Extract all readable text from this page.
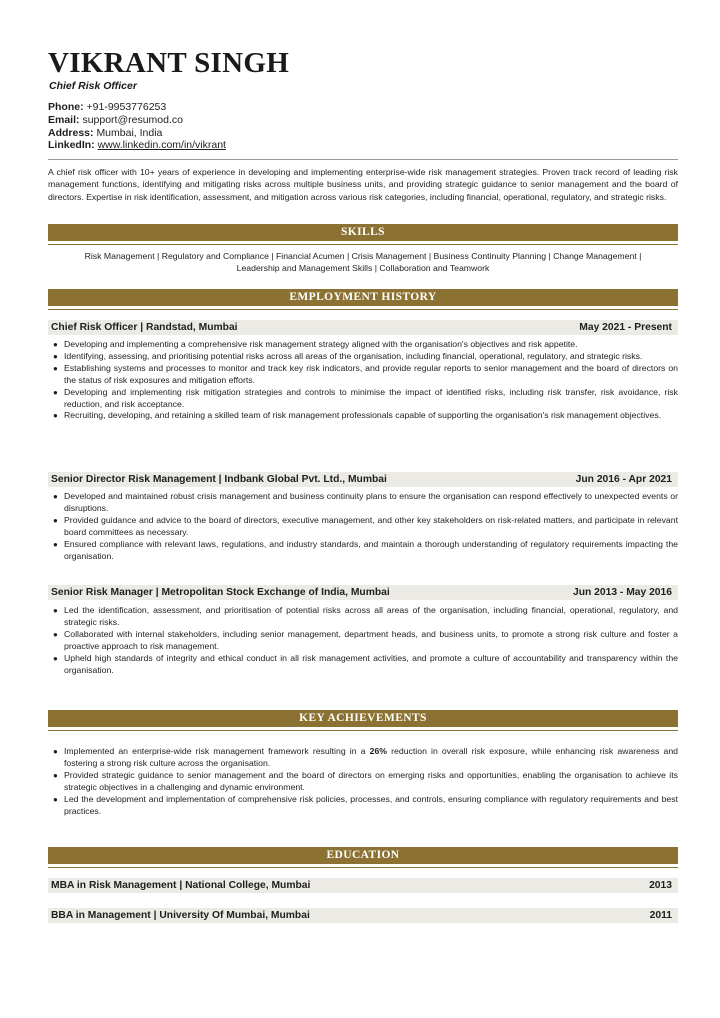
VIKRANT SINGH
Chief Risk Officer
Phone: +91-9953776253
Email: support@resumod.co
Address: Mumbai, India
LinkedIn: www.linkedin.com/in/vikrant

A chief risk officer with 10+ years of experience in developing and implementing enterprise-wide risk management strategies. Proven track record of leading risk management functions, identifying and mitigating risks across multiple business units, and providing strategic guidance to senior management and the board of directors. Expertise in risk identification, assessment, and mitigation across various risk categories, including financial, operational, regulatory, and strategic risks.

SKILLS

Risk Management | Regulatory and Compliance | Financial Acumen | Crisis Management | Business Continuity Planning | Change Management | Leadership and Management Skills | Collaboration and Teamwork

EMPLOYMENT HISTORY
Chief Risk Officer | Randstad, Mumbai	May 2021 - Present
● Developing and implementing a comprehensive risk management strategy aligned with the organisation's objectives and risk appetite.
● Identifying, assessing, and prioritising potential risks across all areas of the organisation, including financial, operational, regulatory, and strategic risks.
● Establishing systems and processes to monitor and track key risk indicators, and provide regular reports to senior management and the board of directors on the status of risk exposures and mitigation efforts.
● Developing and implementing risk mitigation strategies and controls to minimise the impact of identified risks, including risk transfer, risk avoidance, risk reduction, and risk acceptance.
● Recruiting, developing, and retaining a skilled team of risk management professionals capable of supporting the organisation's risk management objectives.
Senior Director Risk Management | Indbank Global Pvt. Ltd., Mumbai	Jun 2016 - Apr 2021
● Developed and maintained robust crisis management and business continuity plans to ensure the organisation can respond effectively to unexpected events or disruptions.
● Provided guidance and advice to the board of directors, executive management, and other key stakeholders on risk-related matters, and participate in relevant board committees as necessary.
● Ensured compliance with relevant laws, regulations, and industry standards, and maintain a thorough understanding of regulatory requirements impacting the organisation.
Senior Risk Manager | Metropolitan Stock Exchange of India, Mumbai	Jun 2013 - May 2016
● Led the identification, assessment, and prioritisation of potential risks across all areas of the organisation, including financial, operational, regulatory, and strategic risks.
● Collaborated with internal stakeholders, including senior management, department heads, and business units, to promote a strong risk culture and foster a proactive approach to risk management.
● Upheld high standards of integrity and ethical conduct in all risk management activities, and promote a culture of accountability and transparency within the organisation.
KEY ACHIEVEMENTS
● Implemented an enterprise-wide risk management framework resulting in a 26% reduction in overall risk exposure, while enhancing risk awareness and fostering a strong risk culture across the organisation.
● Provided strategic guidance to senior management and the board of directors on emerging risks and opportunities, enabling the organisation to achieve its strategic objectives in a challenging and dynamic environment.
● Led the development and implementation of comprehensive risk policies, processes, and controls, ensuring compliance with regulatory requirements and best practices.
EDUCATION
MBA in Risk Management | National College, Mumbai	2013
BBA in Management | University Of Mumbai, Mumbai	2011
